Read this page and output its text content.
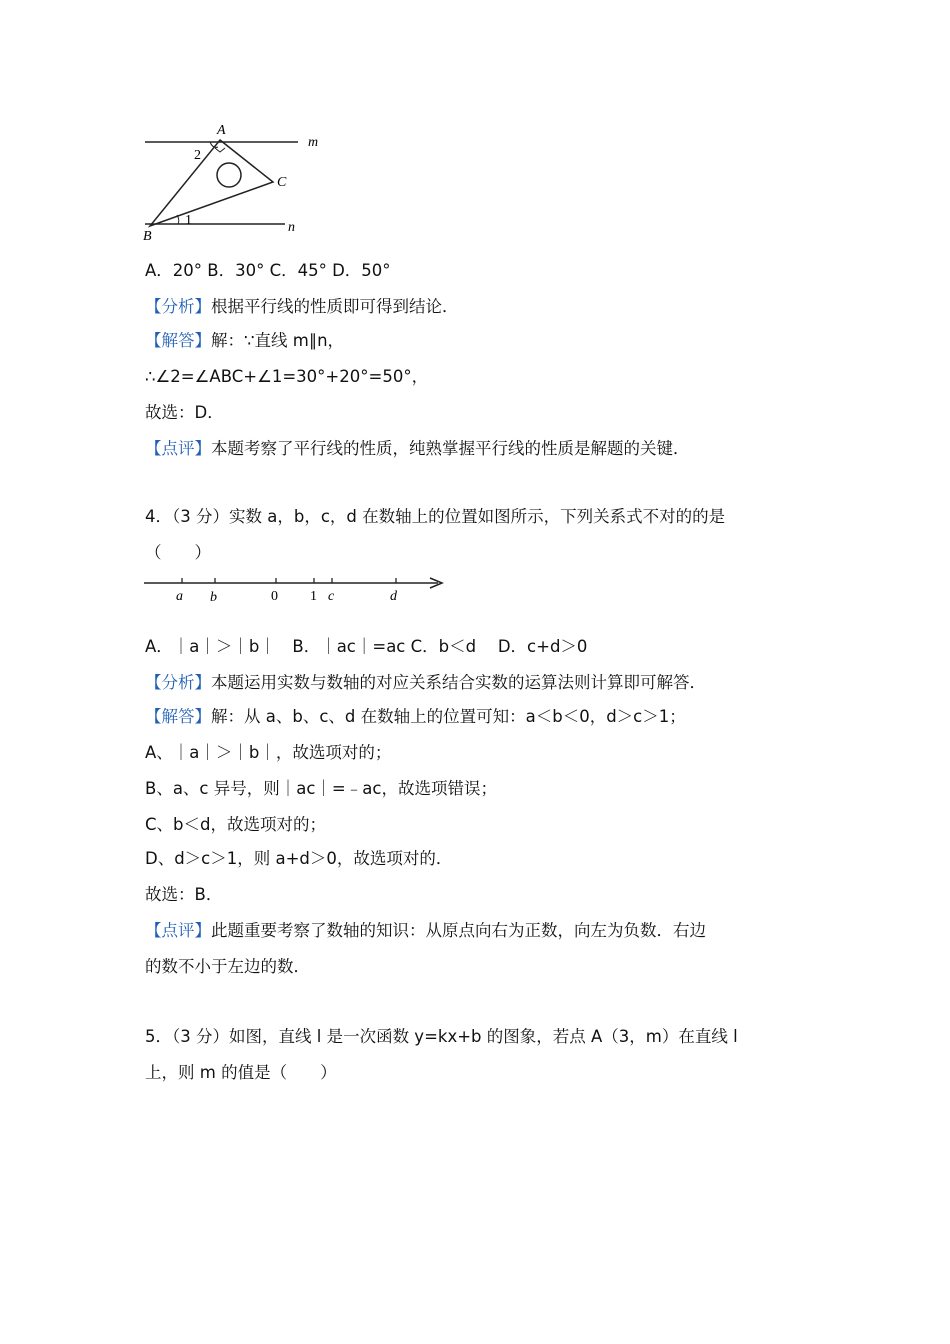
A
m
2
C
1	n
B
A．20° B．30° C．45° D．50°
【分析】根据平行线的性质即可得到结论．
【解答】解：∵直线 m∥n，
∴∠2=∠ABC+∠1=30°+20°=50°，
故选：D．
【点评】本题考察了平行线的性质，纯熟掌握平行线的性质是解题的关键．
4．（3 分）实数 a，b，c，d 在数轴上的位置如图所示，下列关系式不对的的是
（　　）
a b	0 1 c	d
A．｜a｜＞｜b｜　B．｜ac｜=ac C．b＜d　 D．c+d＞0
【分析】本题运用实数与数轴的对应关系结合实数的运算法则计算即可解答．
【解答】解：从 a、b、c、d 在数轴上的位置可知：a＜b＜0，d＞c＞1；
A、｜a｜＞｜b｜，故选项对的；
B、a、c 异号，则｜ac｜=﹣ac，故选项错误；
C、b＜d，故选项对的；
D、d＞c＞1，则 a+d＞0，故选项对的．
故选：B．
【点评】此题重要考察了数轴的知识：从原点向右为正数，向左为负数．右边
的数不小于左边的数．
5．（3 分）如图，直线 l 是一次函数 y=kx+b 的图象，若点 A（3，m）在直线 l
上，则 m 的值是（　　）
